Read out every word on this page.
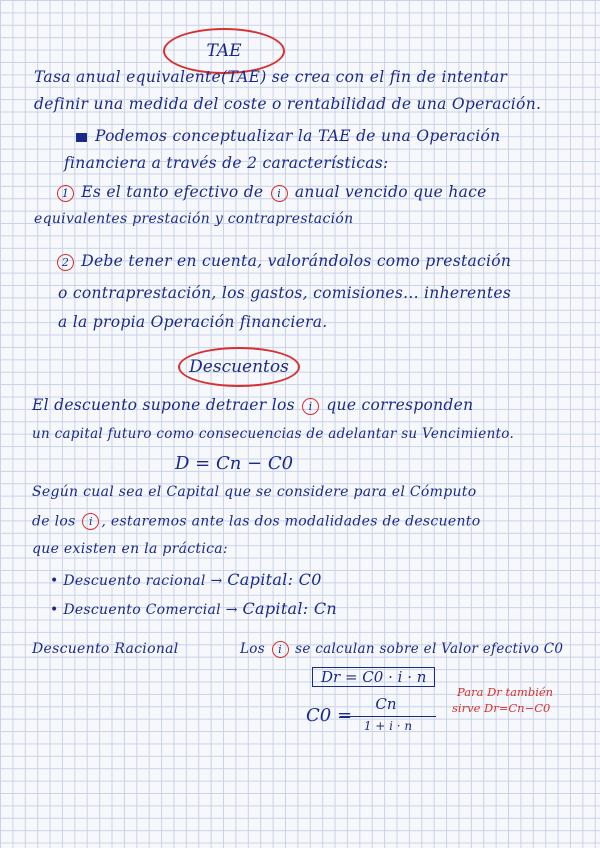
TAE
Tasa anual equivalente(TAE) se crea con el fin de intentar
definir una medida del coste o rentabilidad de una Operación.
Podemos conceptualizar la TAE de una Operación
financiera a través de 2 características:
1 Es el tanto efectivo de i anual vencido que hace
equivalentes prestación y contraprestación
2 Debe tener en cuenta, valorándolos como prestación
o contraprestación, los gastos, comisiones... inherentes
a la propia Operación financiera.
Descuentos
El descuento supone detraer los i que corresponden
un capital futuro como consecuencias de adelantar su Vencimiento.
D = Cn − C0
Según cual sea el Capital que se considere para el Cómputo
de los i , estaremos ante las dos modalidades de descuento
que existen en la práctica:
• Descuento racional → Capital: C0
• Descuento Comercial → Capital: Cn
Descuento Racional	Los i se calculan sobre el Valor efectivo C0
Dr = C0 · i · n
C0 =
Cn
1 + i · n
Para Dr también
sirve Dr=Cn−C0
